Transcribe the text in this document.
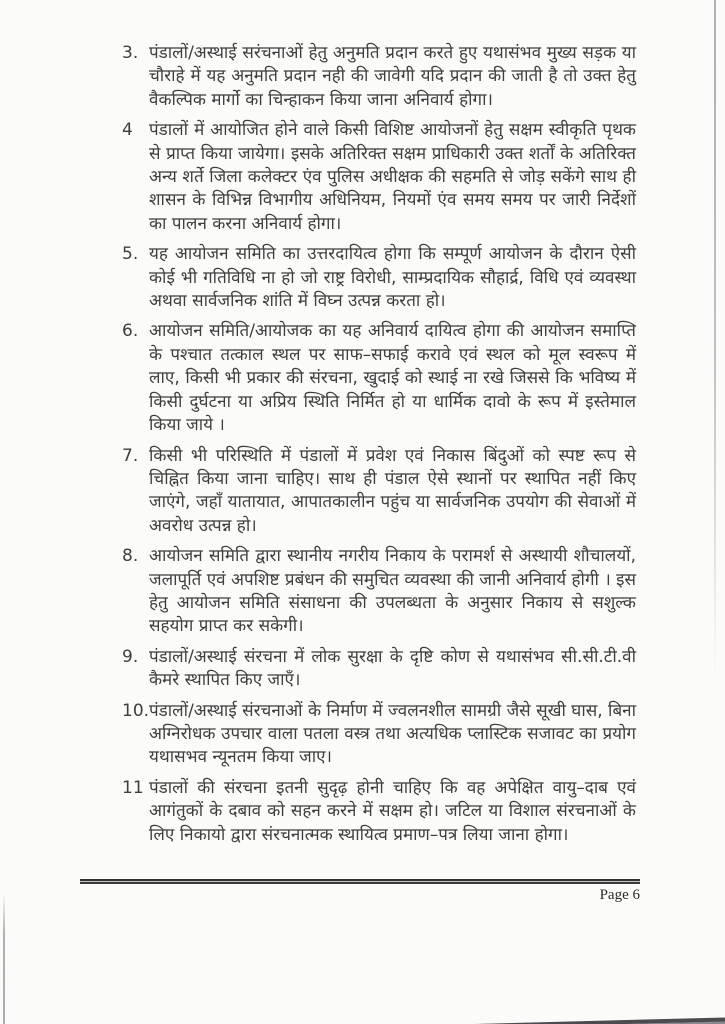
3. पंडालों/अस्थाई सरंचनाओं हेतु अनुमति प्रदान करते हुए यथासंभव मुख्य सड़क या चौराहे में यह अनुमति प्रदान नही की जावेगी यदि प्रदान की जाती है तो उक्त हेतु वैकल्पिक मार्गो का चिन्हाकन किया जाना अनिवार्य होगा।
4 पंडालों में आयोजित होने वाले किसी विशिष्ट आयोजनों हेतु सक्षम स्वीकृति पृथक से प्राप्त किया जायेगा। इसके अतिरिक्त सक्षम प्राधिकारी उक्त शर्तों के अतिरिक्त अन्य शर्ते जिला कलेक्टर एंव पुलिस अधीक्षक की सहमति से जोड़ सकेंगे साथ ही शासन के विभिन्न विभागीय अधिनियम, नियमों एंव समय समय पर जारी निर्देशों का पालन करना अनिवार्य होगा।
5. यह आयोजन समिति का उत्तरदायित्व होगा कि सम्पूर्ण आयोजन के दौरान ऐसी कोई भी गतिविधि ना हो जो राष्ट्र विरोधी, साम्प्रदायिक सौहार्द्र, विधि एवं व्यवस्था अथवा सार्वजनिक शांति में विघ्न उत्पन्न करता हो।
6. आयोजन समिति/आयोजक का यह अनिवार्य दायित्व होगा की आयोजन समाप्ति के पश्चात तत्काल स्थल पर साफ–सफाई करावे एवं स्थल को मूल स्वरूप में लाए, किसी भी प्रकार की संरचना, खुदाई को स्थाई ना रखे जिससे कि भविष्य में किसी दुर्घटना या अप्रिय स्थिति निर्मित हो या धार्मिक दावो के रूप में इस्तेमाल किया जाये ।
7. किसी भी परिस्थिति में पंडालों में प्रवेश एवं निकास बिंदुओं को स्पष्ट रूप से चिह्नित किया जाना चाहिए। साथ ही पंडाल ऐसे स्थानों पर स्थापित नहीं किए जाएंगे, जहाँ यातायात, आपातकालीन पहुंच या सार्वजनिक उपयोग की सेवाओं में अवरोध उत्पन्न हो।
8. आयोजन समिति द्वारा स्थानीय नगरीय निकाय के परामर्श से अस्थायी शौचालयों, जलापूर्ति एवं अपशिष्ट प्रबंधन की समुचित व्यवस्था की जानी अनिवार्य होगी । इस हेतु आयोजन समिति संसाधना की उपलब्धता के अनुसार निकाय से सशुल्क सहयोग प्राप्त कर सकेगी।
9. पंडालों/अस्थाई संरचना में लोक सुरक्षा के दृष्टि कोण से यथासंभव सी.सी.टी.वी कैमरे स्थापित किए जाएँ।
10. पंडालों/अस्थाई संरचनाओं के निर्माण में ज्वलनशील सामग्री जैसे सूखी घास, बिना अग्निरोधक उपचार वाला पतला वस्त्र तथा अत्यधिक प्लास्टिक सजावट का प्रयोग यथासभव न्यूनतम किया जाए।
11 पंडालों की संरचना इतनी सुदृढ़ होनी चाहिए कि वह अपेक्षित वायु–दाब एवं आगंतुकों के दबाव को सहन करने में सक्षम हो। जटिल या विशाल संरचनाओं के लिए निकायो द्वारा संरचनात्मक स्थायित्व प्रमाण–पत्र लिया जाना होगा।
Page 6
